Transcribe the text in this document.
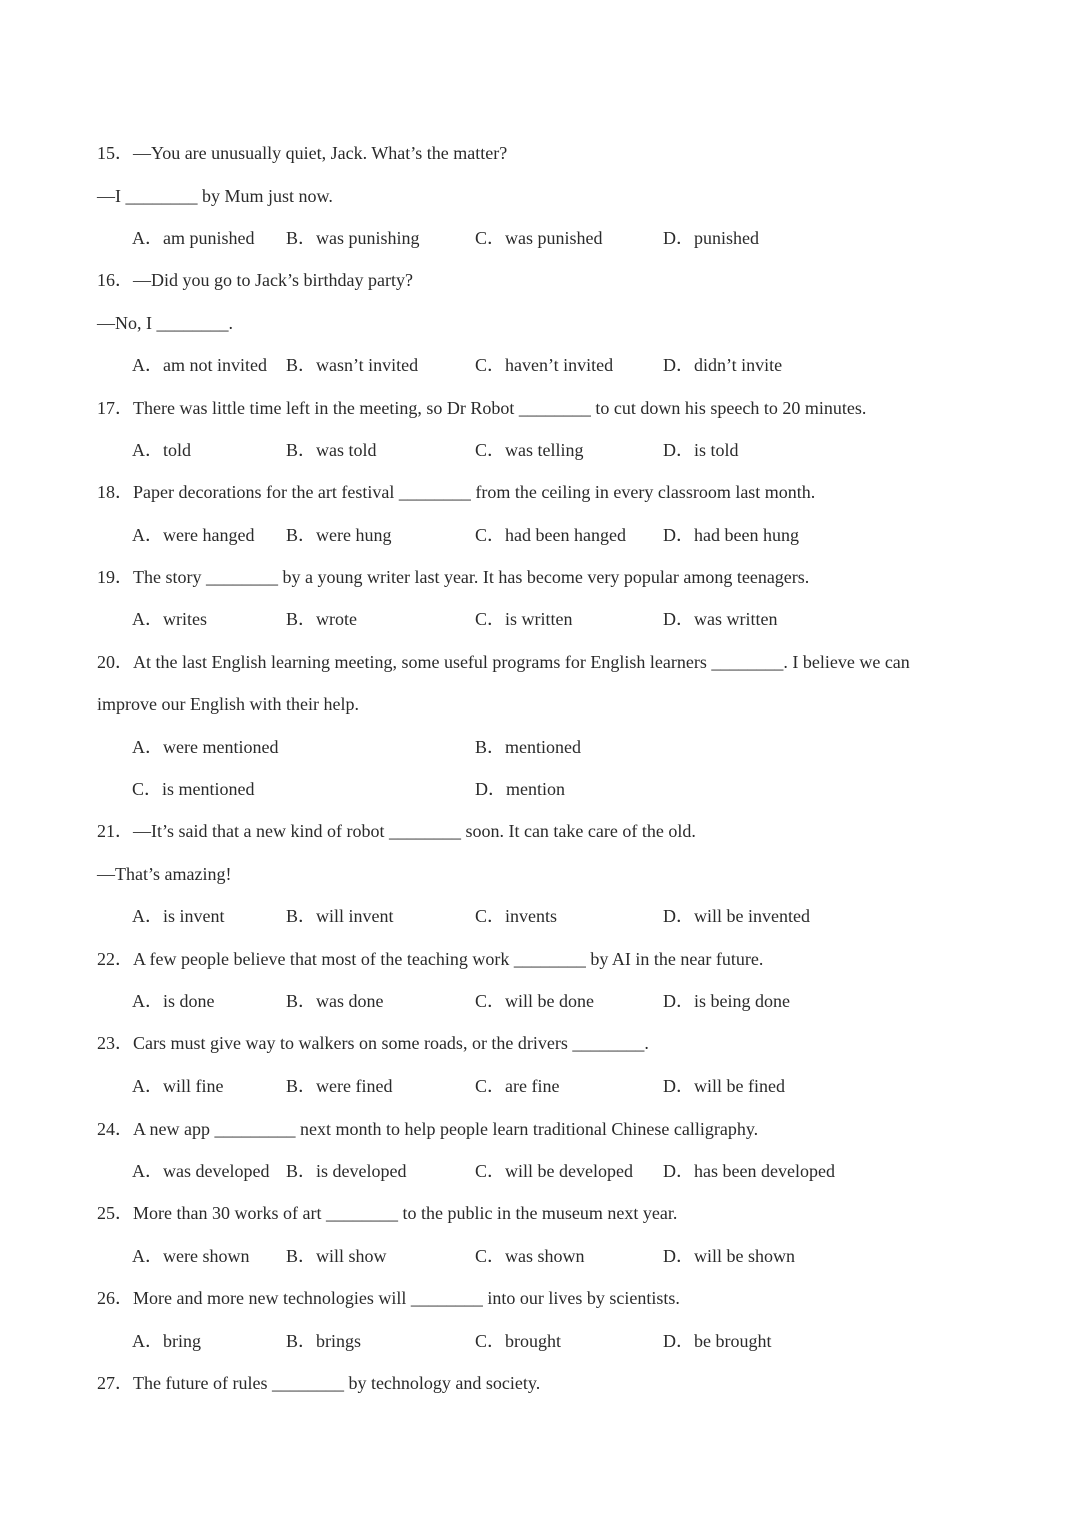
15．—You are unusually quiet, Jack. What’s the matter?
—I ________ by Mum just now.
A．am punished B．was punishing	C．was punished	D．punished
16．—Did you go to Jack’s birthday party?
—No, I ________.
A．am not invited B．wasn’t invited	C．haven’t invited	D．didn’t invite
17．There was little time left in the meeting, so Dr Robot ________ to cut down his speech to 20 minutes.
A．told	B．was told	C．was telling	D．is told
18．Paper decorations for the art festival ________ from the ceiling in every classroom last month.
A．were hanged B．were hung	C．had been hanged D．had been hung
19．The story ________ by a young writer last year. It has become very popular among teenagers.
A．writes	B．wrote	C．is written	D．was written
20．At the last English learning meeting, some useful programs for English learners ________. I believe we can
improve our English with their help.
A．were mentioned	B．mentioned
C．is mentioned	D．mention
21．—It’s said that a new kind of robot ________ soon. It can take care of the old.
—That’s amazing!
A．is invent	B．will invent	C．invents	D．will be invented
22．A few people believe that most of the teaching work ________ by AI in the near future.
A．is done	B．was done	C．will be done	D．is being done
23．Cars must give way to walkers on some roads, or the drivers ________.
A．will fine	B．were fined	C．are fine	D．will be fined
24．A new app _________ next month to help people learn traditional Chinese calligraphy.
A．was developed B．is developed	C．will be developed D．has been developed
25．More than 30 works of art ________ to the public in the museum next year.
A．were shown B．will show	C．was shown	D．will be shown
26．More and more new technologies will ________ into our lives by scientists.
A．bring	B．brings	C．brought	D．be brought
27．The future of rules ________ by technology and society.
